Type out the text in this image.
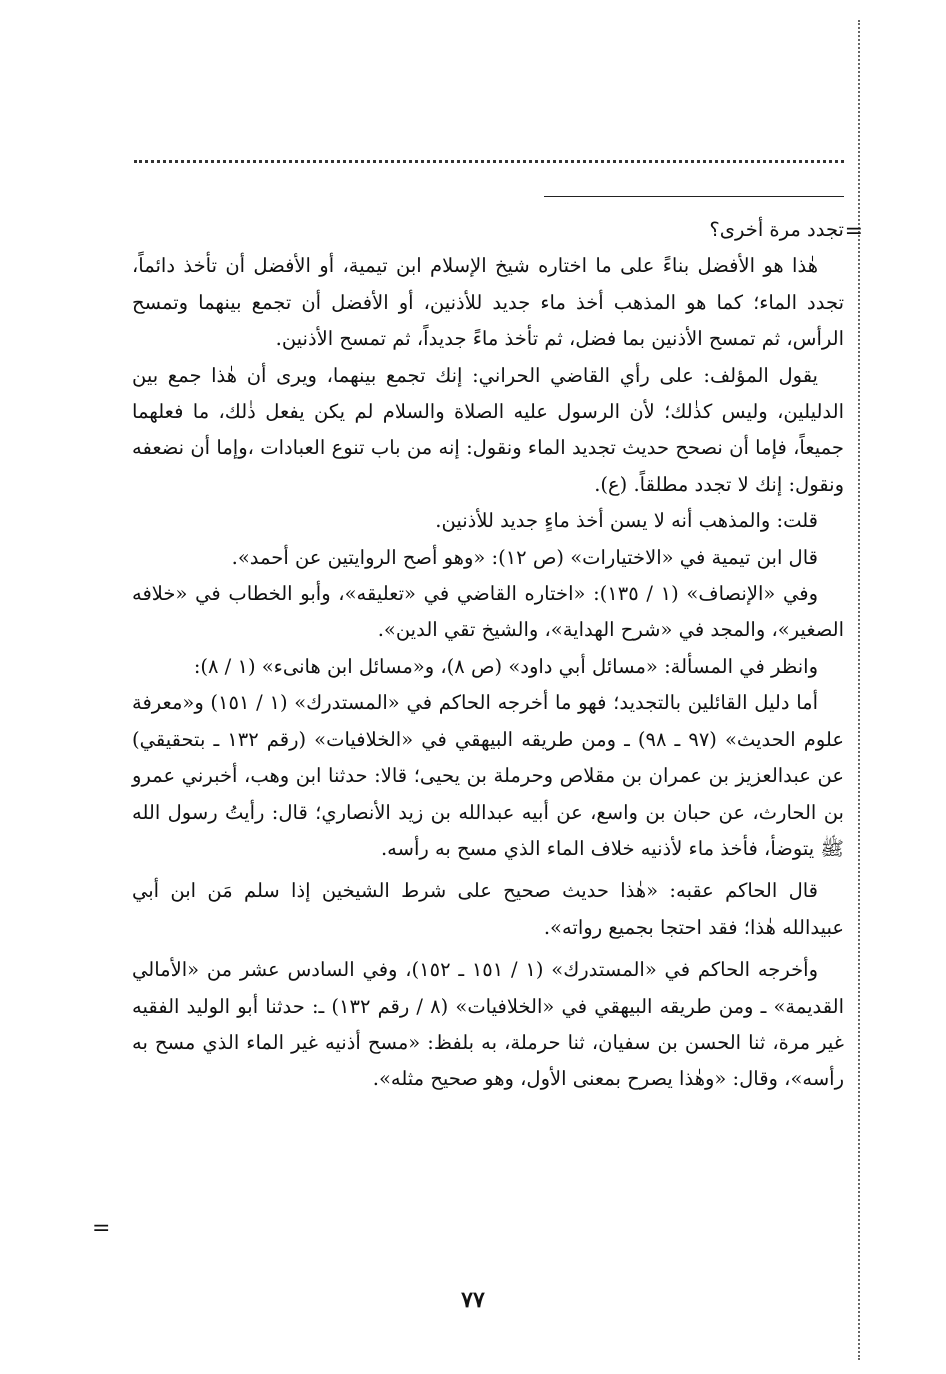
=
=

تجدد مرة أخرى؟

هٰذا هو الأفضل بناءً على ما اختاره شيخ الإسلام ابن تيمية، أو الأفضل أن تأخذ دائماً، تجدد الماء؛ كما هو المذهب أخذ ماء جديد للأذنين، أو الأفضل أن تجمع بينهما وتمسح الرأس، ثم تمسح الأذنين بما فضل، ثم تأخذ ماءً جديداً، ثم تمسح الأذنين.

يقول المؤلف: على رأي القاضي الحراني: إنك تجمع بينهما، ويرى أن هٰذا جمع بين الدليلين، وليس كذٰلك؛ لأن الرسول عليه الصلاة والسلام لم يكن يفعل ذٰلك، ما فعلهما جميعاً، فإما أن نصحح حديث تجديد الماء ونقول: إنه من باب تنوع العبادات ،وإما أن نضعفه ونقول: إنك لا تجدد مطلقاً. (ع).

قلت: والمذهب أنه لا يسن أخذ ماءٍ جديد للأذنين.

قال ابن تيمية في «الاختيارات» (ص ١٢): «وهو أصح الروايتين عن أحمد».

وفي «الإنصاف» (١ / ١٣٥): «اختاره القاضي في «تعليقه»، وأبو الخطاب في «خلافه الصغير»، والمجد في «شرح الهداية»، والشيخ تقي الدين».

وانظر في المسألة: «مسائل أبي داود» (ص ٨)، و«مسائل ابن هانىء» (١ / ٨):

أما دليل القائلين بالتجديد؛ فهو ما أخرجه الحاكم في «المستدرك» (١ / ١٥١) و«معرفة علوم الحديث» (٩٧ ـ ٩٨) ـ ومن طريقه البيهقي في «الخلافيات» (رقم ١٣٢ ـ بتحقيقي) عن عبدالعزيز بن عمران بن مقلاص وحرملة بن يحيى؛ قالا: حدثنا ابن وهب، أخبرني عمرو بن الحارث، عن حبان بن واسع، عن أبيه عبدالله بن زيد الأنصاري؛ قال: رأيتُ رسول الله ﷺ يتوضأ، فأخذ ماء لأذنيه خلاف الماء الذي مسح به رأسه.

قال الحاكم عقبه: «هٰذا حديث صحيح على شرط الشيخين إذا سلم مَن ابن أبي عبيدالله هٰذا؛ فقد احتجا بجميع رواته».

وأخرجه الحاكم في «المستدرك» (١ / ١٥١ ـ ١٥٢)، وفي السادس عشر من «الأمالي القديمة» ـ ومن طريقه البيهقي في «الخلافيات» (٨ / رقم ١٣٢) ـ: حدثنا أبو الوليد الفقيه غير مرة، ثنا الحسن بن سفيان، ثنا حرملة، به بلفظ: «مسح أذنيه غير الماء الذي مسح به رأسه»، وقال: «وهٰذا يصرح بمعنى الأول، وهو صحيح مثله».

٧٧
